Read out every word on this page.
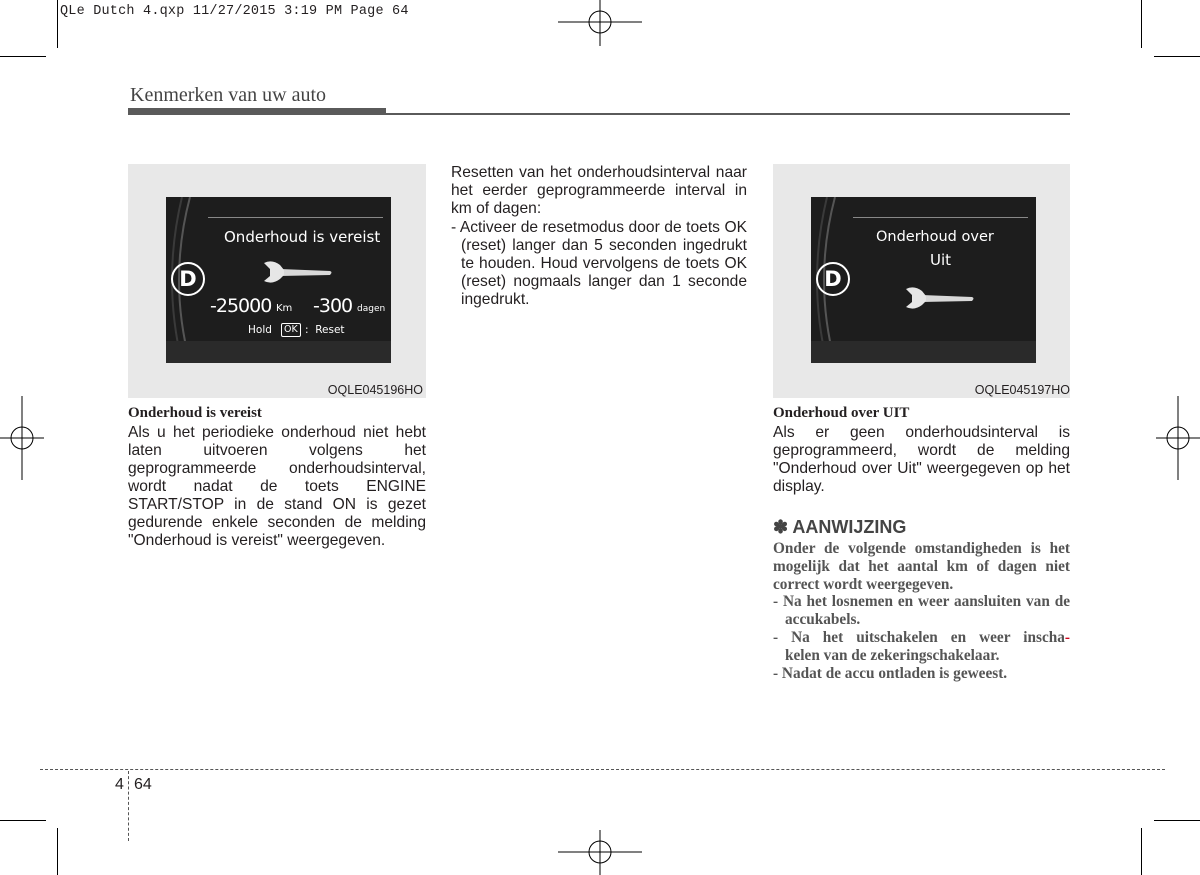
QLe Dutch 4.qxp 11/27/2015 3:19 PM Page 64
Kenmerken van uw auto
Onderhoud is vereist
D
-25000 Km -300 dagen
Hold	OK :  Reset
OQLE045196HO
Onderhoud is vereist
Als u het periodieke onderhoud niet hebt laten uitvoeren volgens het geprogrammeerde onderhoudsinterval, wordt nadat de toets ENGINE START/STOP in de stand ON is gezet gedurende enkele seconden de melding "Onderhoud is vereist" weergegeven.
Resetten van het onderhoudsinterval naar het eerder geprogrammeerde interval in km of dagen:
- Activeer de resetmodus door de toets OK (reset) langer dan 5 seconden ingedrukt te houden. Houd vervolgens de toets OK (reset) nogmaals langer dan 1 seconde ingedrukt.
Onderhoud over
Uit
D
OQLE045197HO
Onderhoud over UIT
Als er geen onderhoudsinterval is geprogrammeerd, wordt de melding "Onderhoud over Uit" weergegeven op het display.
✽ AANWIJZING
Onder de volgende omstandigheden is het mogelijk dat het aantal km of dagen niet correct wordt weergegeven.
- Na het losnemen en weer aansluiten van de accukabels.
- Na het uitschakelen en weer inscha-
kelen van de zekeringschakelaar.
- Nadat de accu ontladen is geweest.
4 64
